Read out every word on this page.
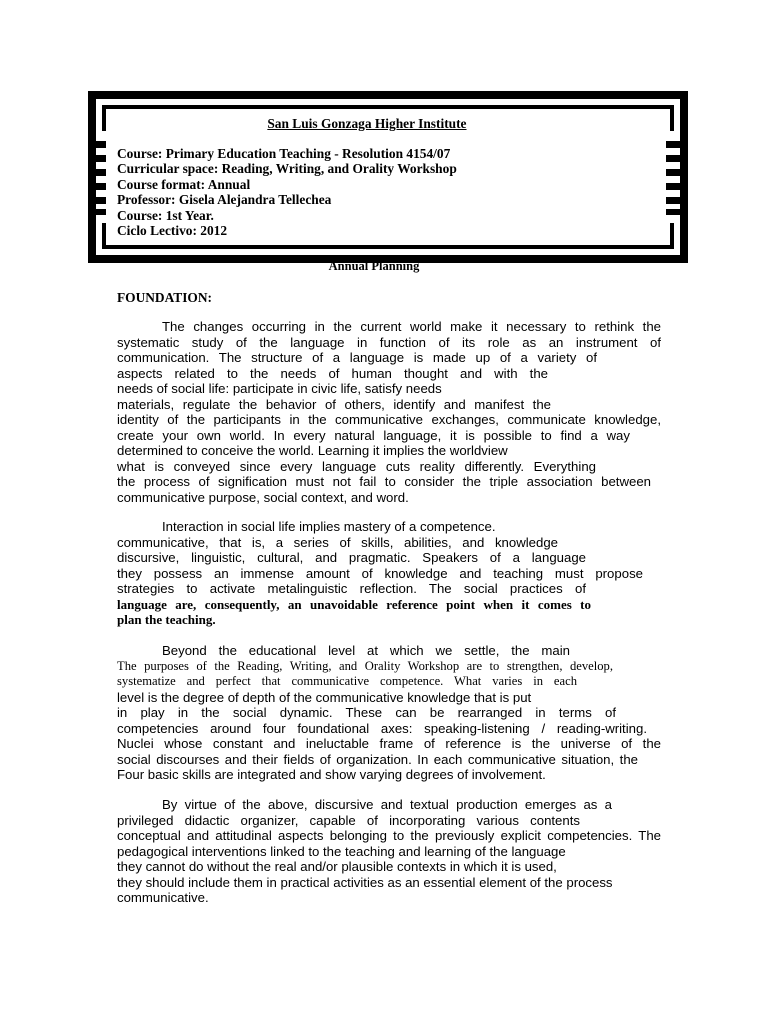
San Luis Gonzaga Higher Institute
Course: Primary Education Teaching - Resolution 4154/07
Curricular space: Reading, Writing, and Orality Workshop
Course format: Annual
Professor: Gisela Alejandra Tellechea
Course: 1st Year.
Ciclo Lectivo: 2012
Annual Planning
FOUNDATION:
The changes occurring in the current world make it necessary to rethink the
systematic study of the language in function of its role as an instrument of
communication. The structure of a language is made up of a variety of
aspects related to the needs of human thought and with the
needs of social life: participate in civic life, satisfy needs
materials, regulate the behavior of others, identify and manifest the
identity of the participants in the communicative exchanges, communicate knowledge,
create your own world. In every natural language, it is possible to find a way
determined to conceive the world. Learning it implies the worldview
what is conveyed since every language cuts reality differently. Everything
the process of signification must not fail to consider the triple association between
communicative purpose, social context, and word.
Interaction in social life implies mastery of a competence.
communicative, that is, a series of skills, abilities, and knowledge
discursive, linguistic, cultural, and pragmatic. Speakers of a language
they possess an immense amount of knowledge and teaching must propose
strategies to activate metalinguistic reflection. The social practices of
language are, consequently, an unavoidable reference point when it comes to
plan the teaching.
Beyond the educational level at which we settle, the main
The purposes of the Reading, Writing, and Orality Workshop are to strengthen, develop,
systematize and perfect that communicative competence. What varies in each
level is the degree of depth of the communicative knowledge that is put
in play in the social dynamic. These can be rearranged in terms of
competencies around four foundational axes: speaking-listening / reading-writing.
Nuclei whose constant and ineluctable frame of reference is the universe of the
social discourses and their fields of organization. In each communicative situation, the
Four basic skills are integrated and show varying degrees of involvement.
By virtue of the above, discursive and textual production emerges as a
privileged didactic organizer, capable of incorporating various contents
conceptual and attitudinal aspects belonging to the previously explicit competencies. The
pedagogical interventions linked to the teaching and learning of the language
they cannot do without the real and/or plausible contexts in which it is used,
they should include them in practical activities as an essential element of the process
communicative.
